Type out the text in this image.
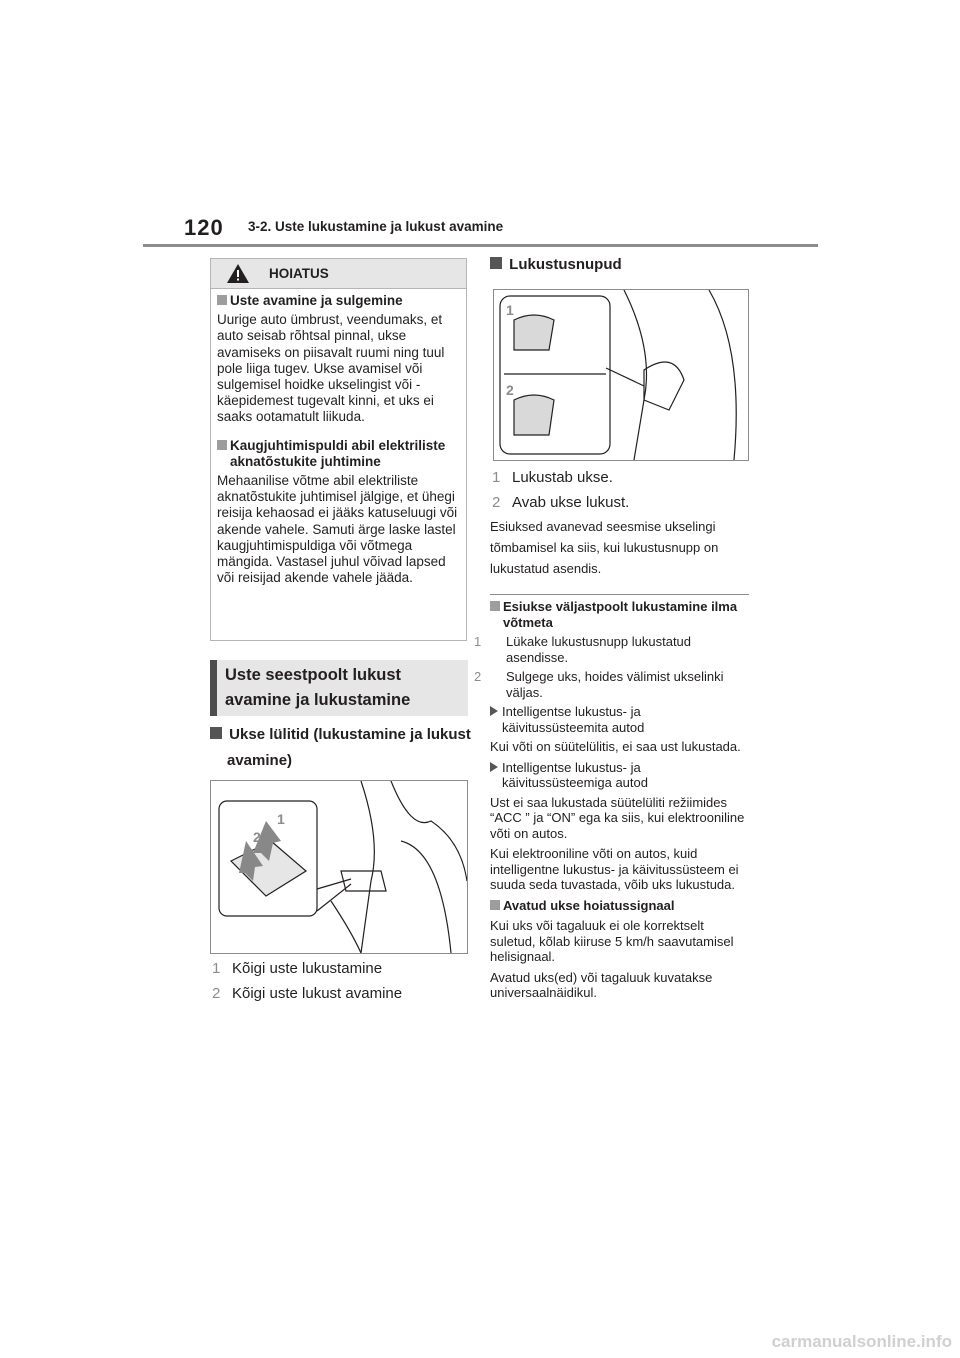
120 3-2. Uste lukustamine ja lukust avamine
HOIATUS
Uste avamine ja sulgemine

Uurige auto ümbrust, veendumaks, et auto seisab rõhtsal pinnal, ukse avamiseks on piisavalt ruumi ning tuul pole liiga tugev. Ukse avamisel või sulgemisel hoidke ukselingist või -käepidemest tugevalt kinni, et uks ei saaks ootamatult liikuda.

Kaugjuhtimispuldi abil elektriliste aknatõstukite juhtimine

Mehaanilise võtme abil elektriliste aknatõstukite juhtimisel jälgige, et ühegi reisija kehaosad ei jääks katuseluugi või akende vahele. Samuti ärge laske lastel kaugjuhtimispuldiga või võtmega mängida. Vastasel juhul võivad lapsed või reisijad akende vahele jääda.

Uste seestpoolt lukust avamine ja lukustamine
Ukse lülitid (lukustamine ja lukust avamine)
1
2
1 Kõigi uste lukustamine
2 Kõigi uste lukust avamine
Lukustusnupud
1
2
1 Lukustab ukse.
2 Avab ukse lukust.
Esiuksed avanevad seesmise ukselingi tõmbamisel ka siis, kui lukustusnupp on lukustatud asendis.
Esiukse väljastpoolt lukustamine ilma võtmeta
1 Lükake lukustusnupp lukustatud asendisse.
2 Sulgege uks, hoides välimist ukselinki väljas.
Intelligentse lukustus- ja käivitussüsteemita autod

Kui võti on süütelülitis, ei saa ust lukustada.

Intelligentse lukustus- ja käivitussüsteemiga autod

Ust ei saa lukustada süütelüliti režiimides “ACC ” ja “ON” ega ka siis, kui elektrooniline võti on autos.

Kui elektrooniline võti on autos, kuid intelligentne lukustus- ja käivitussüsteem ei suuda seda tuvastada, võib uks lukustuda.

Avatud ukse hoiatussignaal

Kui uks või tagaluuk ei ole korrektselt suletud, kõlab kiiruse 5 km/h saavutamisel helisignaal.

Avatud uks(ed) või tagaluuk kuvatakse universaalnäidikul.

carmanualsonline.info
